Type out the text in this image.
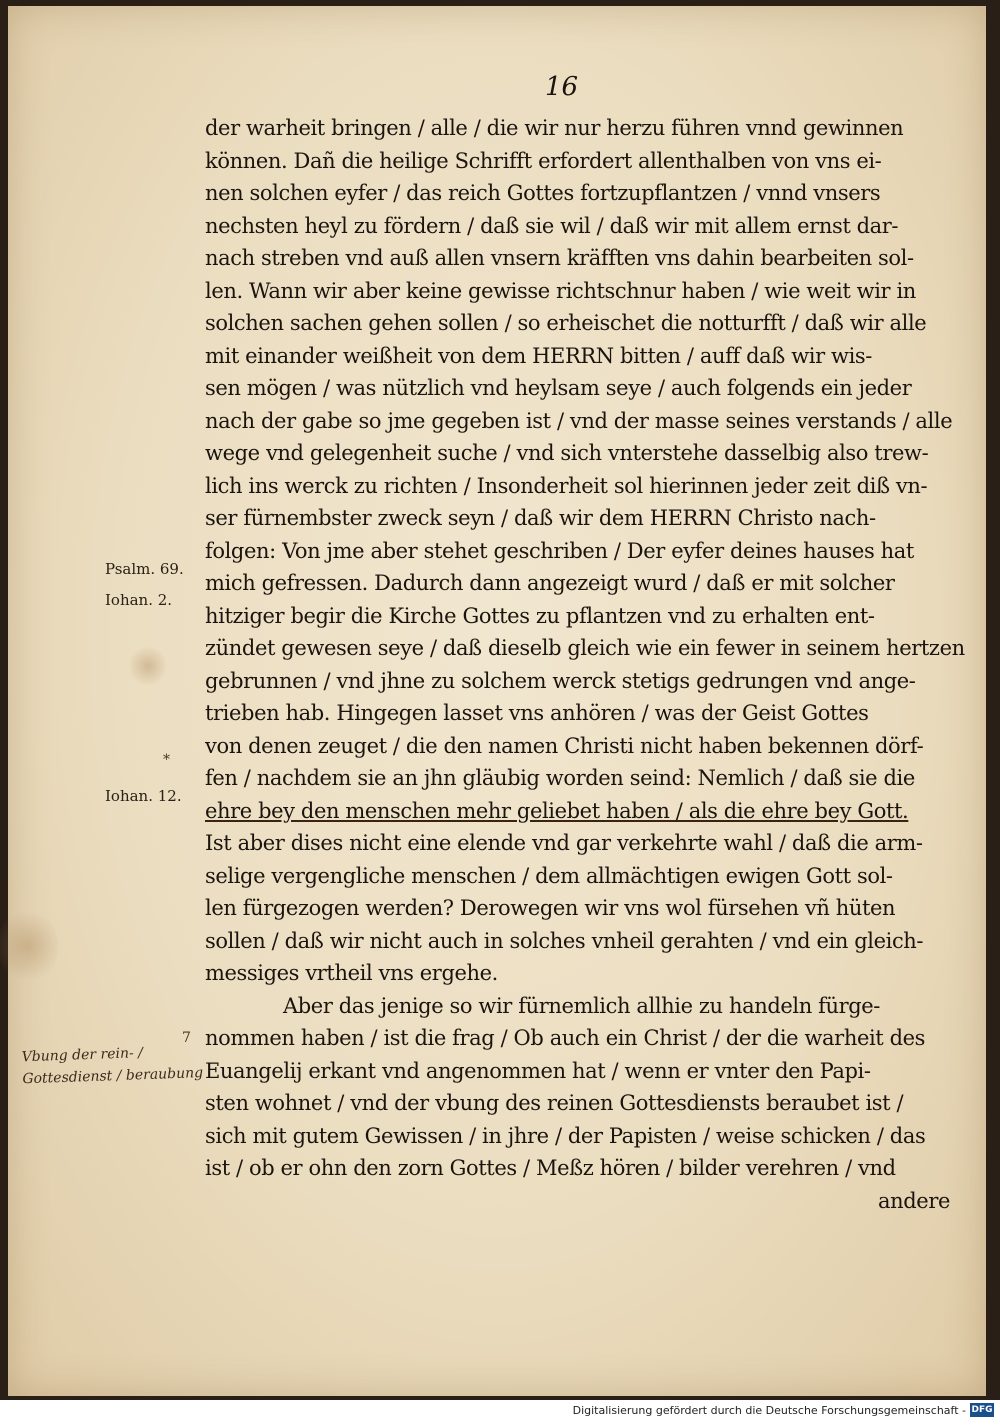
16
Psalm. 69.
Iohan. 2.
Iohan. 12.
*
7
Vbung der rein- / Gottesdienst / beraubung
der warheit bringen / alle / die wir nur herzu führen vnnd gewinnen
können. Dañ die heilige Schrifft erfordert allenthalben von vns ei-
nen solchen eyfer / das reich Gottes fortzupflantzen / vnnd vnsers
nechsten heyl zu fördern / daß sie wil / daß wir mit allem ernst dar-
nach streben vnd auß allen vnsern kräfften vns dahin bearbeiten sol-
len. Wann wir aber keine gewisse richtschnur haben / wie weit wir in
solchen sachen gehen sollen / so erheischet die notturfft / daß wir alle
mit einander weißheit von dem HERRN bitten / auff daß wir wis-
sen mögen / was nützlich vnd heylsam seye / auch folgends ein jeder
nach der gabe so jme gegeben ist / vnd der masse seines verstands / alle
wege vnd gelegenheit suche / vnd sich vnterstehe dasselbig also trew-
lich ins werck zu richten / Insonderheit sol hierinnen jeder zeit diß vn-
ser fürnembster zweck seyn / daß wir dem HERRN Christo nach-
folgen: Von jme aber stehet geschriben / Der eyfer deines hauses hat
mich gefressen. Dadurch dann angezeigt wurd / daß er mit solcher
hitziger begir die Kirche Gottes zu pflantzen vnd zu erhalten ent-
zündet gewesen seye / daß dieselb gleich wie ein fewer in seinem hertzen
gebrunnen / vnd jhne zu solchem werck stetigs gedrungen vnd ange-
trieben hab. Hingegen lasset vns anhören / was der Geist Gottes
von denen zeuget / die den namen Christi nicht haben bekennen dörf-
fen / nachdem sie an jhn gläubig worden seind: Nemlich / daß sie die
ehre bey den menschen mehr geliebet haben / als die ehre bey Gott.
Ist aber dises nicht eine elende vnd gar verkehrte wahl / daß die arm-
selige vergengliche menschen / dem allmächtigen ewigen Gott sol-
len fürgezogen werden? Derowegen wir vns wol fürsehen vñ hüten
sollen / daß wir nicht auch in solches vnheil gerahten / vnd ein gleich-
messiges vrtheil vns ergehe.
Aber das jenige so wir fürnemlich allhie zu handeln fürge-
nommen haben / ist die frag / Ob auch ein Christ / der die warheit des
Euangelij erkant vnd angenommen hat / wenn er vnter den Papi-
sten wohnet / vnd der vbung des reinen Gottesdiensts beraubet ist /
sich mit gutem Gewissen / in jhre / der Papisten / weise schicken / das
ist / ob er ohn den zorn Gottes / Meßz hören / bilder verehren / vnd
andere
Digitalisierung gefördert durch die Deutsche Forschungsgemeinschaft - DFG
